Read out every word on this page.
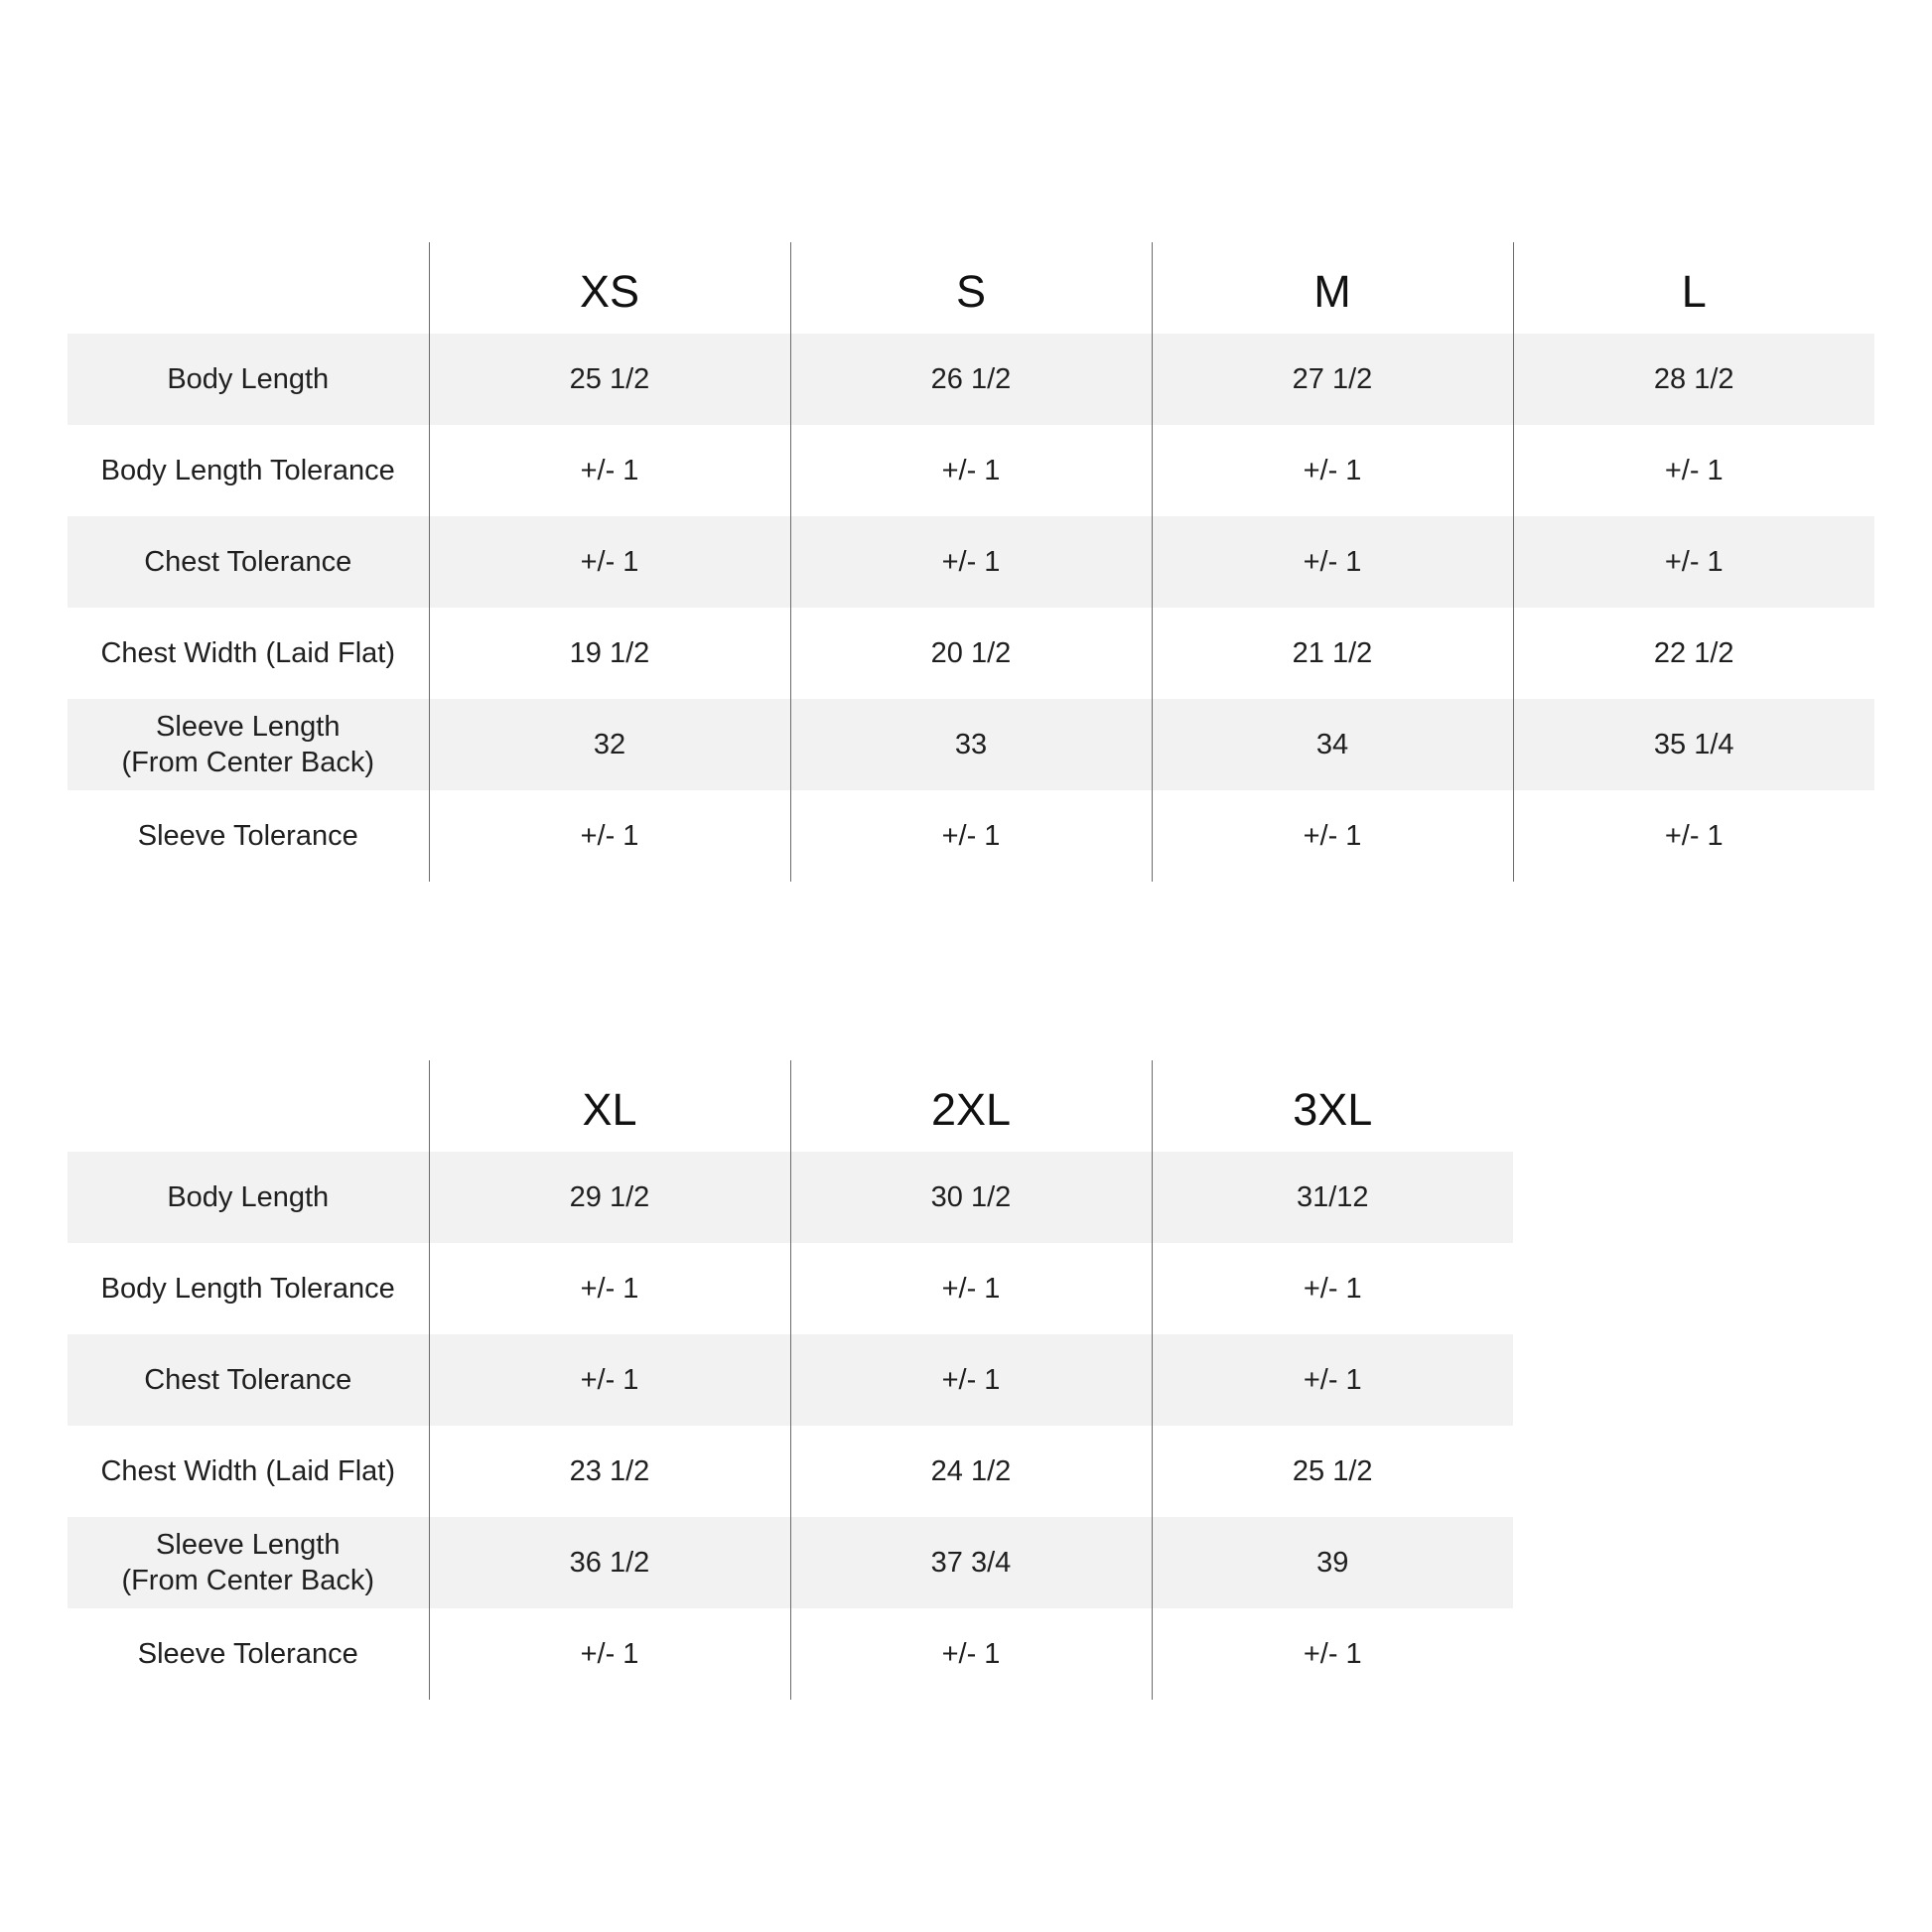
	XS	S	M	L
Body Length	25 1/2	26 1/2	27 1/2	28 1/2
Body Length Tolerance	+/- 1	+/- 1	+/- 1	+/- 1
Chest Tolerance	+/- 1	+/- 1	+/- 1	+/- 1
Chest Width (Laid Flat)	19 1/2	20 1/2	21 1/2	22 1/2
Sleeve Length
(From Center Back)	32	33	34	35 1/4
Sleeve Tolerance	+/- 1	+/- 1	+/- 1	+/- 1
	XL	2XL	3XL
Body Length	29 1/2	30 1/2	31/12
Body Length Tolerance	+/- 1	+/- 1	+/- 1
Chest Tolerance	+/- 1	+/- 1	+/- 1
Chest Width (Laid Flat)	23 1/2	24 1/2	25 1/2
Sleeve Length
(From Center Back)	36 1/2	37 3/4	39
Sleeve Tolerance	+/- 1	+/- 1	+/- 1
